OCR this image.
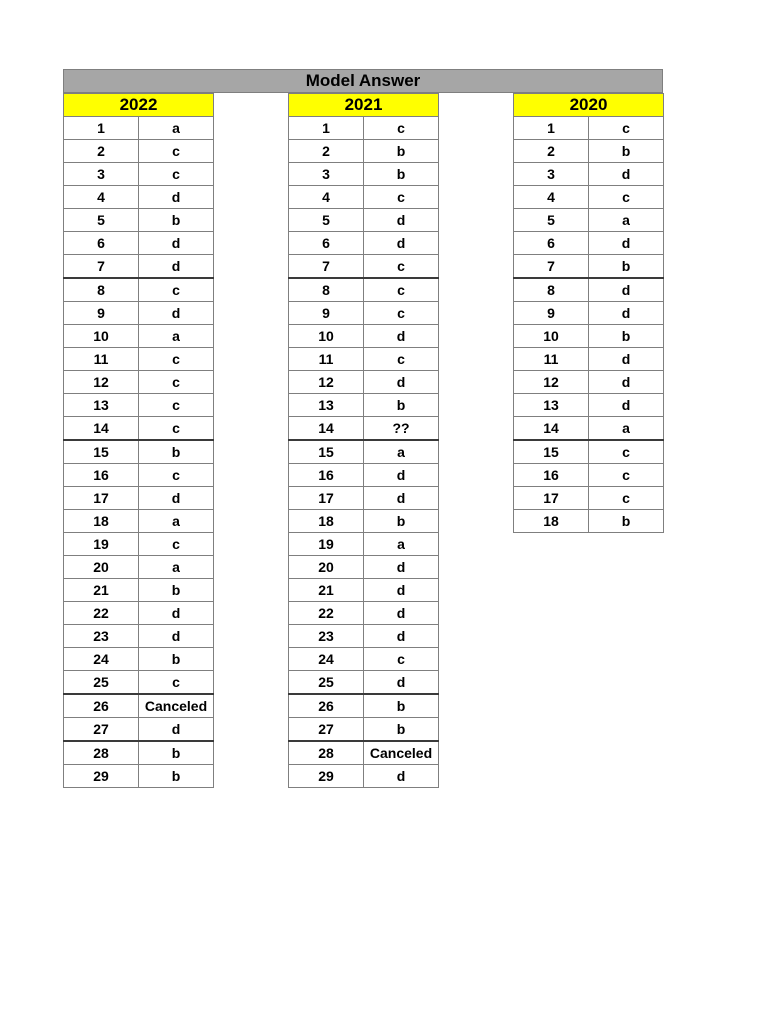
Model Answer
2022	
1	a
2	c
3	c
4	d
5	b
6	d
7	d
8	c
9	d
10	a
11	c
12	c
13	c
14	c
15	b
16	c
17	d
18	a
19	c
20	a
21	b
22	d
23	d
24	b
25	c
26	Canceled
27	d
28	b
29	b
2021	
1	c
2	b
3	b
4	c
5	d
6	d
7	c
8	c
9	c
10	d
11	c
12	d
13	b
14	??
15	a
16	d
17	d
18	b
19	a
20	d
21	d
22	d
23	d
24	c
25	d
26	b
27	b
28	Canceled
29	d
2020	
1	c
2	b
3	d
4	c
5	a
6	d
7	b
8	d
9	d
10	b
11	d
12	d
13	d
14	a
15	c
16	c
17	c
18	b
